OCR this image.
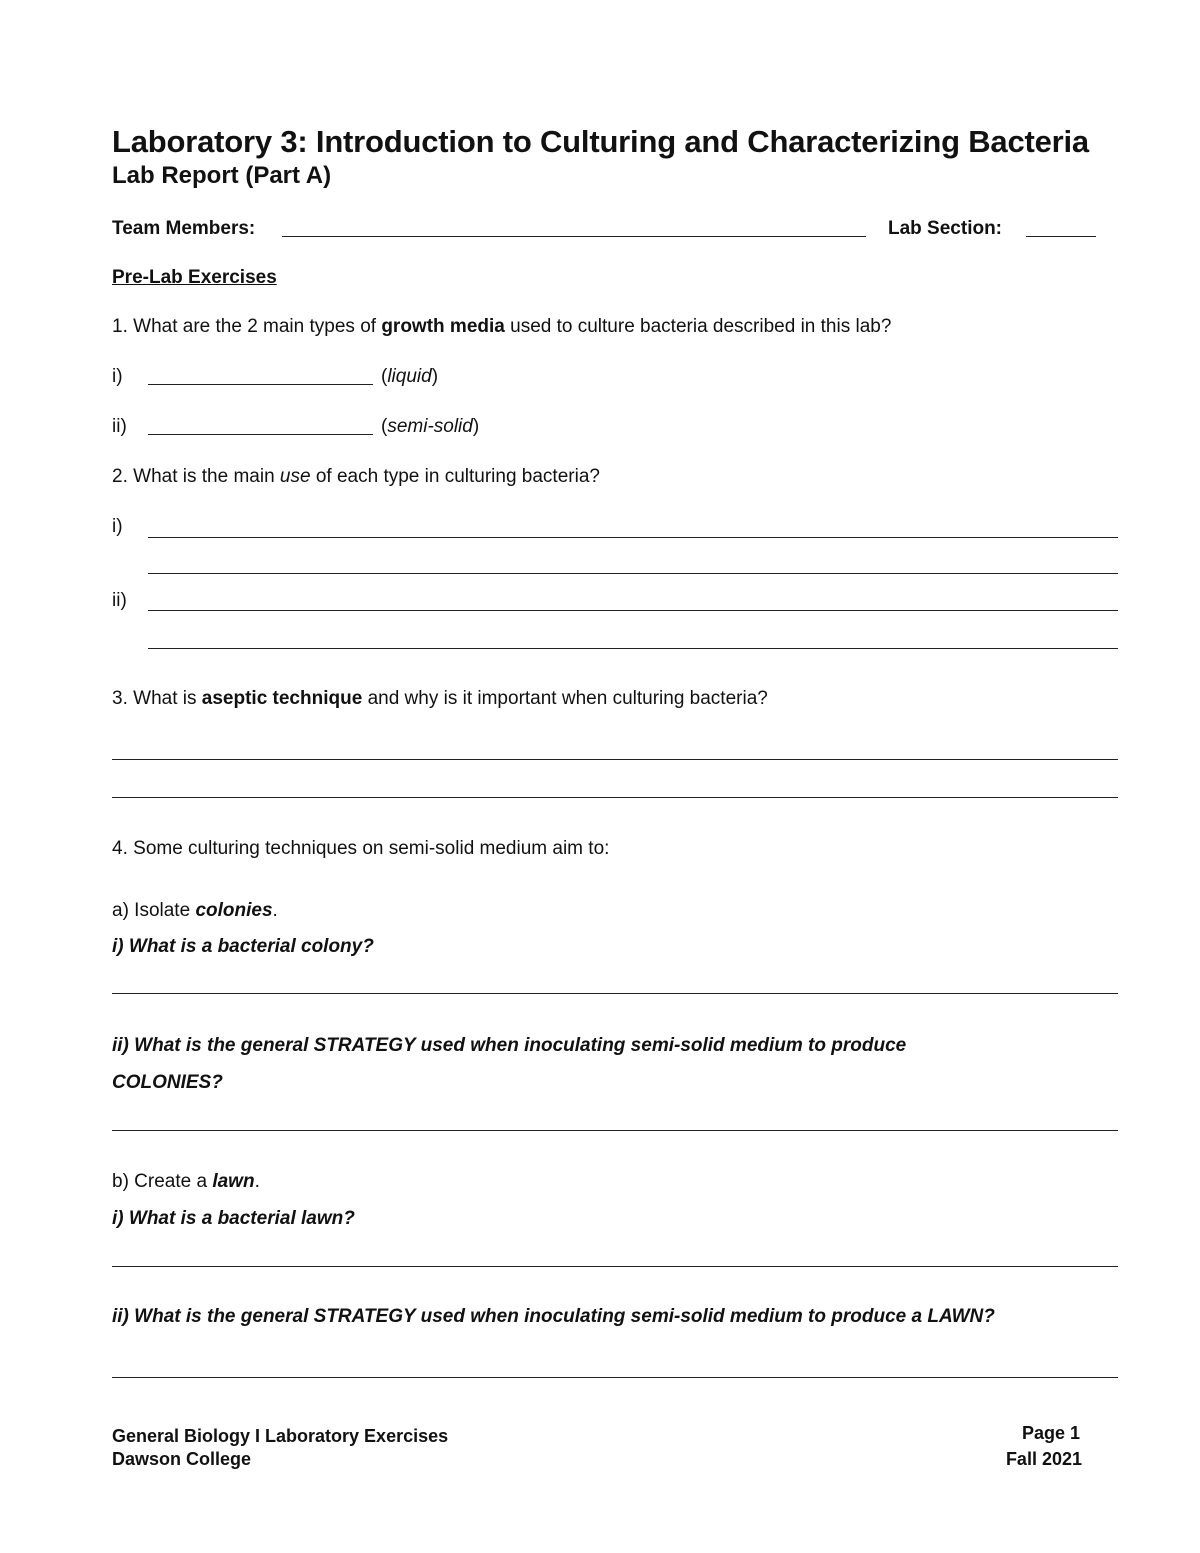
Laboratory 3: Introduction to Culturing and Characterizing Bacteria
Lab Report (Part A)
Team Members:	Lab Section:
Pre-Lab Exercises
1. What are the 2 main types of growth media used to culture bacteria described in this lab?
i)	(liquid)
ii)	(semi-solid)
2. What is the main use of each type in culturing bacteria?
i)
ii)
3. What is aseptic technique and why is it important when culturing bacteria?
4. Some culturing techniques on semi-solid medium aim to:
a) Isolate colonies.
i) What is a bacterial colony?
ii) What is the general STRATEGY used when inoculating semi-solid medium to produce
COLONIES?
b) Create a lawn.
i) What is a bacterial lawn?
ii) What is the general STRATEGY used when inoculating semi-solid medium to produce a LAWN?
General Biology I Laboratory Exercises
Dawson College
Page 1
Fall 2021
